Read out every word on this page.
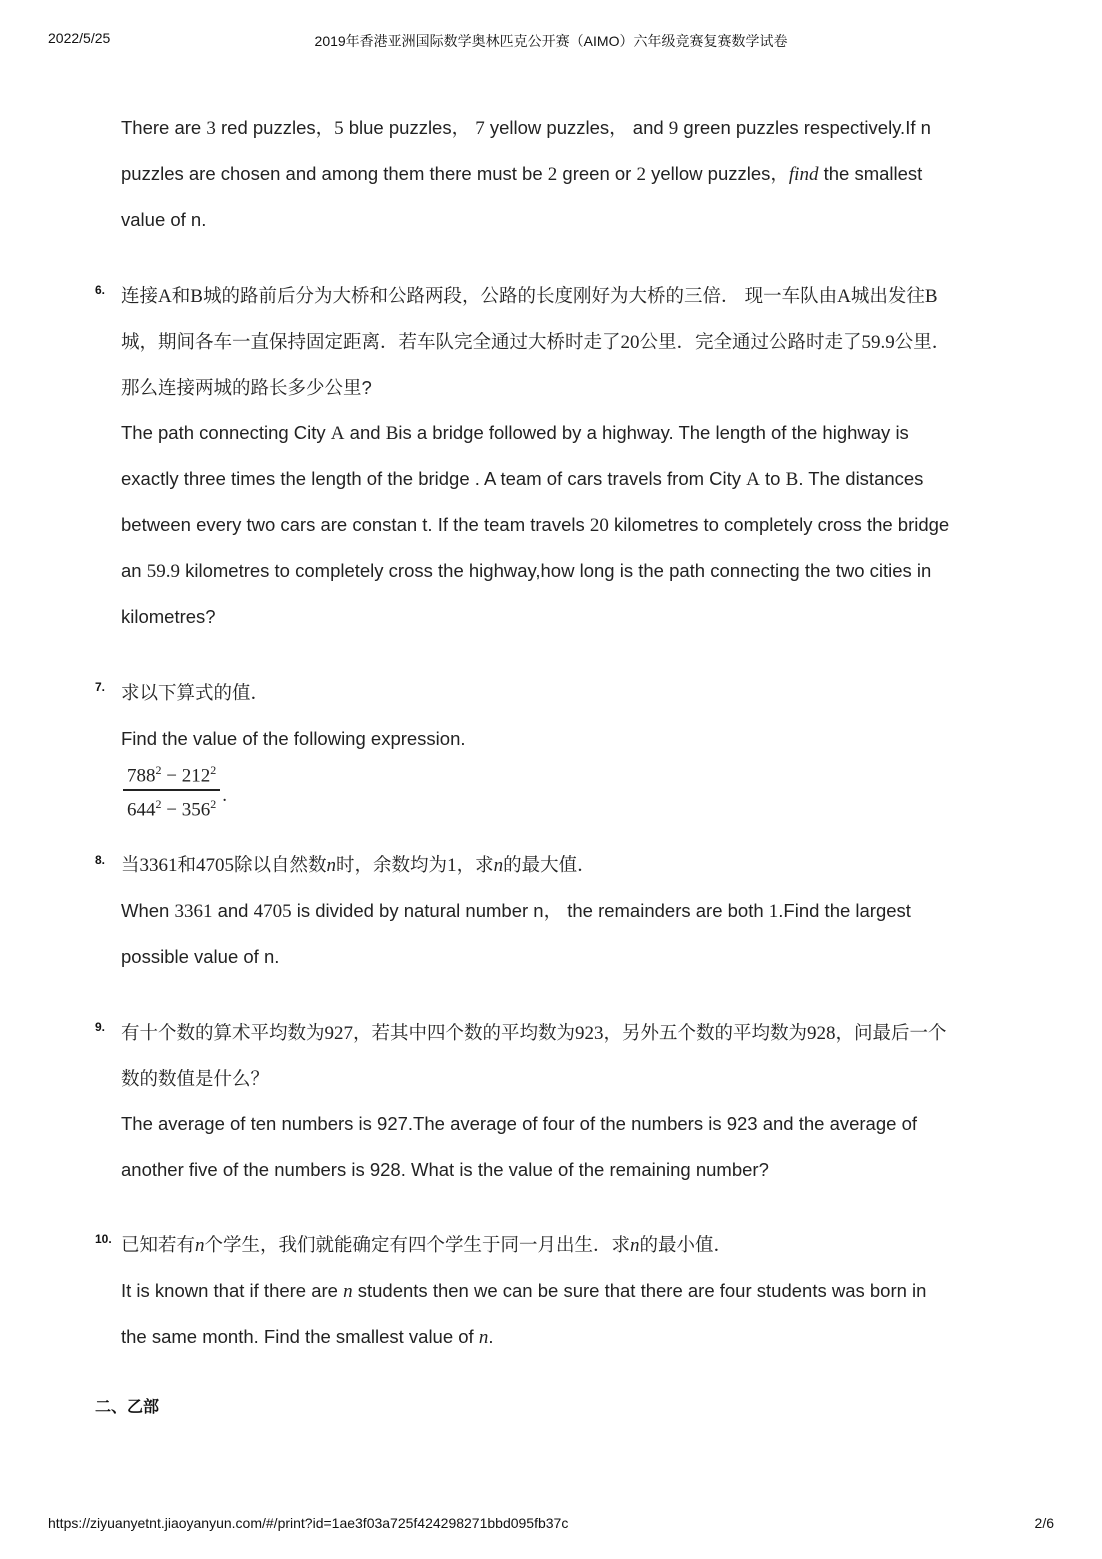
2022/5/25	2019年香港亚洲国际数学奥林匹克公开赛（AIMO）六年级竞赛复赛数学试卷
There are 3 red puzzles，5 blue puzzles， 7 yellow puzzles， and 9 green puzzles respectively.If n
puzzles are chosen and among them there must be 2 green or 2 yellow puzzles，find the smallest
value of n.
6. 连接A和B城的路前后分为大桥和公路两段，公路的长度刚好为大桥的三倍． 现一车队由A城出发往B
城，期间各车一直保持固定距离．若车队完全通过大桥时走了20公里．完全通过公路时走了59.9公里．
那么连接两城的路长多少公里?
The path connecting City A and Bis a bridge followed by a highway. The length of the highway is
exactly three times the length of the bridge . A team of cars travels from City A to B. The distances
between every two cars are constan t. If the team travels 20 kilometres to completely cross the bridge
an 59.9 kilometres to completely cross the highway,how long is the path connecting the two cities in
kilometres?
7. 求以下算式的值．
Find the value of the following expression.
$\frac{788^2 - 212^2}{644^2 - 356^2}$ .
8. 当3361和4705除以自然数n时，余数均为1，求n的最大值．
When 3361 and 4705 is divided by natural number n， the remainders are both 1.Find the largest
possible value of n.
9. 有十个数的算术平均数为927，若其中四个数的平均数为923，另外五个数的平均数为928，问最后一个
数的数值是什么？
The average of ten numbers is 927.The average of four of the numbers is 923 and the average of
another five of the numbers is 928. What is the value of the remaining number?
10. 已知若有n个学生，我们就能确定有四个学生于同一月出生．求n的最小值．
It is known that if there are n students then we can be sure that there are four students was born in
the same month. Find the smallest value of n.
二、乙部
https://ziyuanyetnt.jiaoyanyun.com/#/print?id=1ae3f03a725f424298271bbd095fb37c	2/6
